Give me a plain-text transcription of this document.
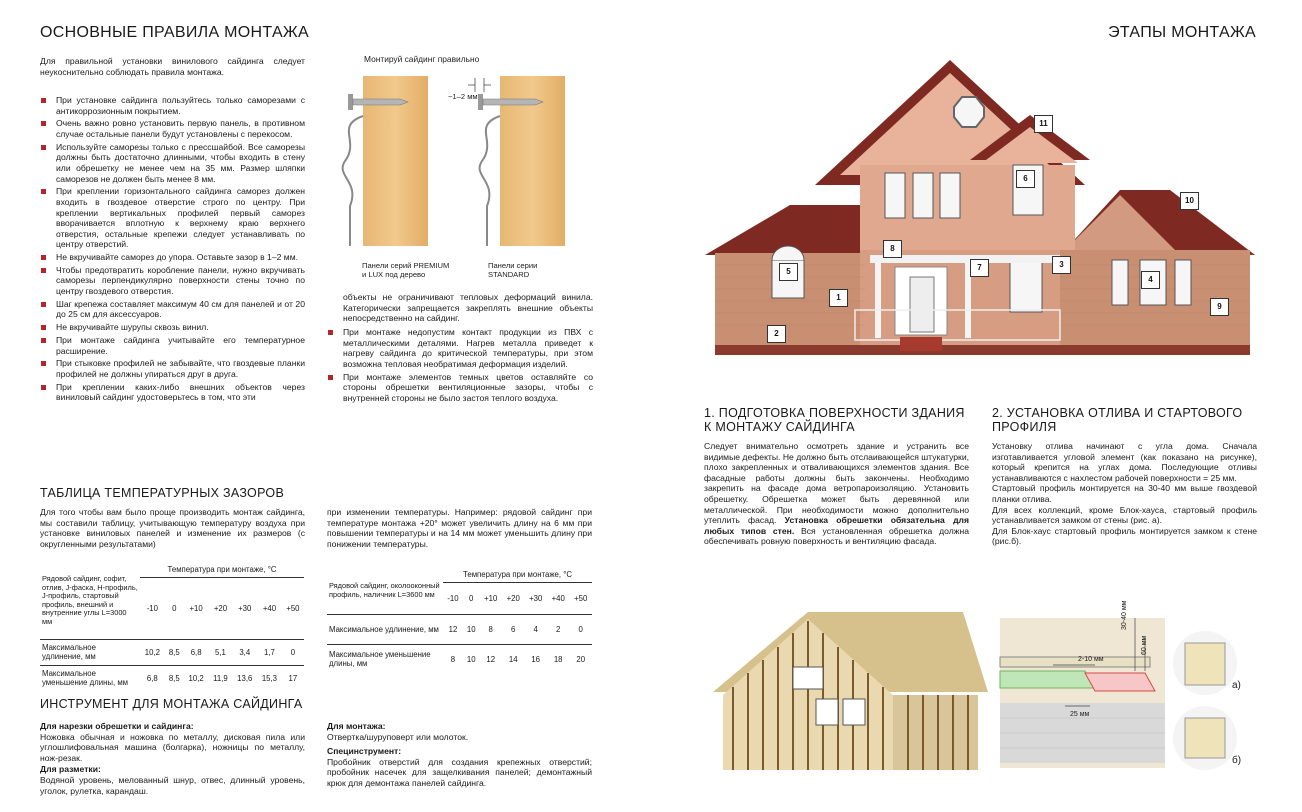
ОСНОВНЫЕ ПРАВИЛА МОНТАЖА

Для правильной установки винилового сайдинга следует неукоснительно соблюдать правила монтажа.

При установке сайдинга пользуйтесь только саморезами с антикоррозионным покрытием.
Очень важно ровно установить первую панель, в противном случае остальные панели будут установлены с перекосом.
Используйте саморезы только с прессшайбой. Все саморезы должны быть достаточно длинными, чтобы входить в стену или обрешетку не менее чем на 35 мм. Размер шляпки саморезов не должен быть менее 8 мм.
При креплении горизонтального сайдинга саморез должен входить в гвоздевое отверстие строго по центру. При креплении вертикальных профилей первый саморез вворачивается вплотную к верхнему краю верхнего отверстия, остальные крепежи следует устанавливать по центру отверстий.
Не вкручивайте саморез до упора. Оставьте зазор в 1–2 мм.
Чтобы предотвратить коробление панели, нужно вкручивать саморезы перпендикулярно поверхности стены точно по центру гвоздевого отверстия.
Шаг крепежа составляет максимум 40 см для панелей и от 20 до 25 см для аксессуаров.
Не вкручивайте шурупы сквозь винил.
При монтаже сайдинга учитывайте его температурное расширение.
При стыковке профилей не забывайте, что гвоздевые планки профилей не должны упираться друг в друга.
При креплении каких-либо внешних объектов через виниловый сайдинг удостоверьтесь в том, что эти
Монтируй сайдинг правильно
~1–2 мм
Панели серий PREMIUM
и LUX под дерево
Панели серии
STANDARD

объекты не ограничивают тепловых деформаций винила. Категорически запрещается закреплять внешние объекты непосредственно на сайдинг.

При монтаже недопустим контакт продукции из ПВХ с металлическими деталями. Нагрев металла приведет к нагреву сайдинга до критической температуры, при этом возможна тепловая необратимая деформация изделий.
При монтаже элементов темных цветов оставляйте со стороны обрешетки вентиляционные зазоры, чтобы с внутренней стороны не было застоя теплого воздуха.
ТАБЛИЦА ТЕМПЕРАТУРНЫХ ЗАЗОРОВ

Для того чтобы вам было проще производить монтаж сайдинга, мы составили таблицу, учитывающую температуру воздуха при установке виниловых панелей и изменение их размеров (с округленными результатами)

при изменении температуры. Например: рядовой сайдинг при температуре монтажа +20° может увеличить длину на 6 мм при повышении температуры и на 14 мм может уменьшить длину при понижении температуры.

Рядовой сайдинг, софит, отлив, J-фаска, Н-профиль, J-профиль, стартовый профиль, внешний и внутренние углы L=3000 мм	Температура при монтаже, °С						
	-10	0	+10	+20	+30	+40	+50
Максимальное удлинение, мм	10,2	8,5	6,8	5,1	3,4	1,7	0
Максимальное уменьшение длины, мм	6,8	8,5	10,2	11,9	13,6	15,3	17
Рядовой сайдинг, околооконный профиль, наличник L=3600 мм	Температура при монтаже, °С						
	-10	0	+10	+20	+30	+40	+50
Максимальное удлинение, мм	12	10	8	6	4	2	0
Максимальное уменьшение длины, мм	8	10	12	14	16	18	20
ИНСТРУМЕНТ ДЛЯ МОНТАЖА САЙДИНГА
Для нарезки обрешетки и сайдинга:

Ножовка обычная и ножовка по металлу, дисковая пила или углошлифовальная машина (болгарка), ножницы по металлу, нож-резак.

Для разметки:

Водяной уровень, мелованный шнур, отвес, длинный уровень, уголок, рулетка, карандаш.

Для монтажа:

Отвертка/шуруповерт или молоток.

Специнструмент:

Пробойник отверстий для создания крепежных отверстий; пробойник насечек для защелкивания панелей; демонтажный крюк для демонтажа панелей сайдинга.

ЭТАПЫ МОНТАЖА
1
2
3
4
5
6
7
8
9
10
11
1. ПОДГОТОВКА ПОВЕРХНОСТИ ЗДАНИЯ К МОНТАЖУ САЙДИНГА

Следует внимательно осмотреть здание и устранить все видимые дефекты. Не должно быть отслаивающейся штукатурки, плохо закрепленных и отваливающихся элементов здания. Все фасадные работы должны быть закончены. Необходимо закрепить на фасаде дома ветропароизоляцию. Установить обрешетку. Обрешетка может быть деревянной или металлической. При необходимости можно дополнительно утеплить фасад. Установка обрешетки обязательна для любых типов стен. Вся установленная обрешетка должна обеспечивать ровную поверхность и вентиляцию фасада.

2. УСТАНОВКА ОТЛИВА И СТАРТОВОГО ПРОФИЛЯ

Установку отлива начинают с угла дома. Сначала изготавливается угловой элемент (как показано на рисунке), который крепится на углах дома. Последующие отливы устанавливаются с нахлестом рабочей поверхности = 25 мм.

Стартовый профиль монтируется на 30-40 мм выше гвоздевой планки отлива.

Для всех коллекций, кроме Блок-хауса, стартовый профиль устанавливается замком от стены (рис. а).

Для Блок-хаус стартовый профиль монтируется замком к стене (рис.б).

2-10 мм
25 мм
30-40 мм
60 мм
а)
б)
